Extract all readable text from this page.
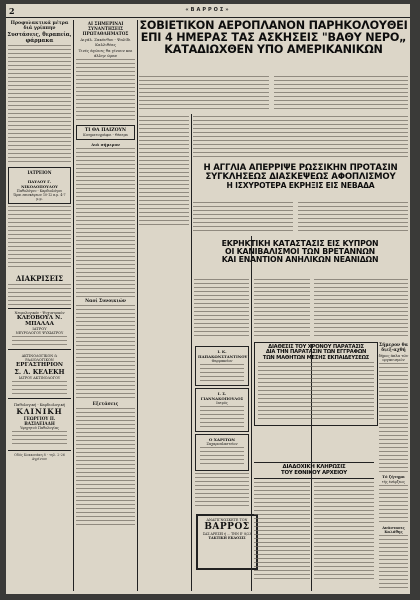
2	«ΒΑΡΡΟΣ»
Προφυλακτικά μέτρα διά γρίππην
Συστάσεις, θεραπεία, φάρμακα
ΙΑΤΡΕΙΟΝ

ΠΑΥΛΟΥ Γ. ΝΙΚΟΛΟΠΟΥΛΟΥ
Παθολόγου - Καρδιολόγου
Ώραι επισκέψεων 10-12 π.μ. 4-7 μ.μ.
ΔΙΑΚΡΙΣΕΙΣ
Νευρολογικόν - Ψυχιατρικόν
ΚΛΕΟΒΟΥΛ Ν. ΜΠΑΛΛΑ
ΙΑΤΡΟΥ
ΝΕΥΡΟΛΟΓΟΥ ΨΥΧΙΑΤΡΟΥ
ΑΚΤΙΝΟΛΟΓΙΚΟΝ & ΡΑΔΙΟΛΟΓΙΚΟΝ
ΕΡΓΑΣΤΗΡΙΟΝ
Σ. Λ. ΚΕΛΕΚΗ
ΙΑΤΡΟΥ ΑΚΤΙΝΟΛΟΓΟΥ
Παθολογική - Καρδιολογική
ΚΛΙΝΙΚΗ
ΓΕΩΡΓΙΟΥ Π. ΒΑΣΙΛΕΙΑΔΗ
Υφηγητού Παθολογίας
Οδός Κοκκινάκη 8 - τηλ. 2-26 Αγρίνιον
ΑΙ ΣΗΜΕΡΙΝΑΙ ΣΥΝΑΝΤΗΣΕΙΣ ΠΡΩΤΑΘΛΗΜΑΤΟΣ
Αιγάλ. Ζακύνθου - Ψαλίδι Καλλιθέας
Τινές άγώνες θα γίνουν και άλλην ώραν
ΤΙ ΘΑ ΠΑΙΖΟΥΝ
Κινηματογράφοι - Θέατρα
Διά σήμερον
Ναοί Συνοικιών
Εξετάσεις
ΣΟΒΙΕΤΙΚΟΝ ΑΕΡΟΠΛΑΝΟΝ ΠΑΡΗΚΟΛΟΥΘΕΙ
ΕΠΙ 4 ΗΜΕΡΑΣ ΤΑΣ ΑΣΚΗΣΕΙΣ "ΒΑΘΥ ΝΕΡΟ„
ΚΑΤΑΔΙΩΧΘΕΝ ΥΠΟ ΑΜΕΡΙΚΑΝΙΚΩΝ
Η ΑΓΓΛΙΑ ΑΠΕΡΡΙΨΕ ΡΩΣΣΙΚΗΝ ΠΡΟΤΑΣΙΝ
ΣΥΓΚΛΗΣΕΩΣ ΔΙΑΣΚΕΨΕΩΣ ΑΦΟΠΛΙΣΜΟΥ
Η ΙΣΧΥΡΟΤΕΡΑ ΕΚΡΗΞΙΣ ΕΙΣ ΝΕΒΑΔΑ
ΕΚΡΗΚΤΙΚΗ ΚΑΤΑΣΤΑΣΙΣ ΕΙΣ ΚΥΠΡΟΝ
ΟΙ ΚΑΝΙΒΑΛΙΣΜΟΙ ΤΩΝ ΒΡΕΤΑΝΝΩΝ
ΚΑΙ ΕΝΑΝΤΙΟΝ ΑΝΗΛΙΚΩΝ ΝΕΑΝΙΔΩΝ
Ι. Κ. ΠΑΠΑΚΩΝΣΤΑΝΤΙΝΟΥ
Φαρμακείον
Ι. Σ. ΓΙΑΝΝΑΚΟΠΟΥΛΟΣ
Ιατρός
Ο ΧΑΡΙΤΩΝ
Ζαχαροπλαστείον
ΑΝΑΓΙΓΝΩΣΚΕΤΕ ΤΟΝ
ΒΑΡΡΟΣ
ΣΑΣ ΑΡΕΣΕΙ ή ... ΤΗΝ Ε' 8/23
ΤΑΚΤΙΚΗ ΕΚΔΟΣΙΣ
ΔΙΑΘΕΣΙΣ ΤΟΥ ΧΡΟΝΟΥ ΠΑΡΑΤΑΣΙΣ
ΔΙΑ ΤΗΝ ΠΑΡΑΤΑΣΙΝ ΤΩΝ ΕΓΓΡΑΦΩΝ
ΤΩΝ ΜΑΘΗΤΩΝ ΜΕΣΗΣ ΕΚΠΑΙΔΕΥΣΕΩΣ
ΔΙΑΔΟΧΙΚΗ ΚΛΗΡΩΣΙΣ
ΤΟΥ ΕΘΝΙΚΟΥ ΑΡΧΕΙΟΥ
Σήμερον θα διεξ-αχθή
δήμος άπλα τών οργανισμών
Τό ζήτημα
τής ένάρξεως
Ανάστασις Καλάθης
